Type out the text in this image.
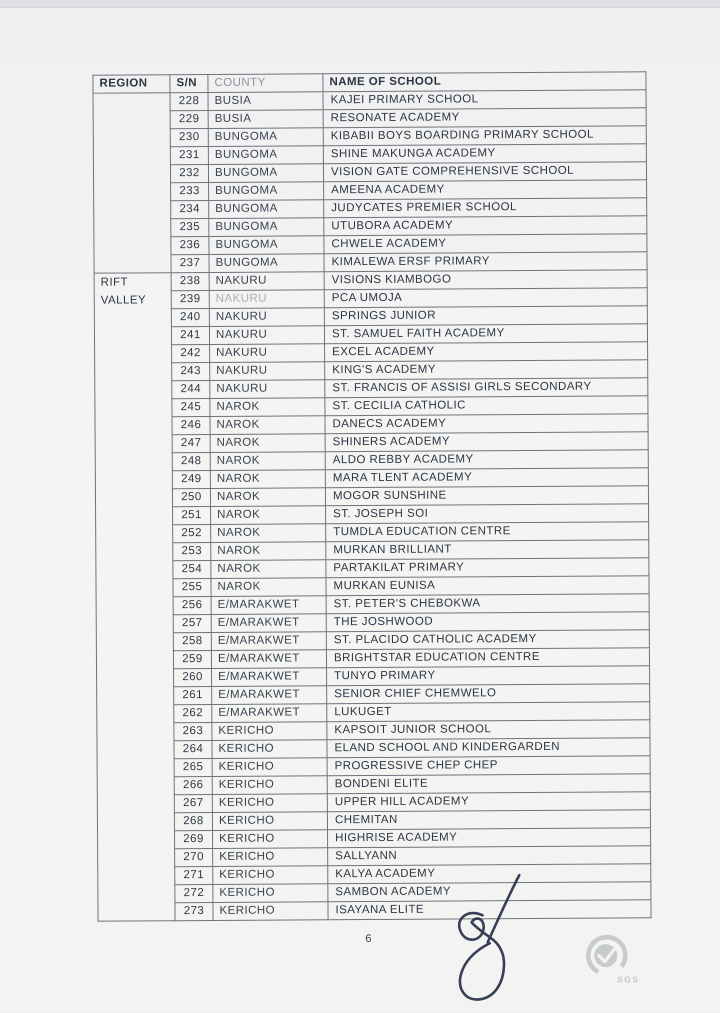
REGION	S/N	COUNTY	NAME OF SCHOOL
	228	BUSIA	KAJEI PRIMARY SCHOOL
	229	BUSIA	RESONATE ACADEMY
	230	BUNGOMA	KIBABII BOYS BOARDING PRIMARY SCHOOL
	231	BUNGOMA	SHINE MAKUNGA ACADEMY
	232	BUNGOMA	VISION GATE COMPREHENSIVE SCHOOL
	233	BUNGOMA	AMEENA ACADEMY
	234	BUNGOMA	JUDYCATES PREMIER SCHOOL
	235	BUNGOMA	UTUBORA ACADEMY
	236	BUNGOMA	CHWELE ACADEMY
	237	BUNGOMA	KIMALEWA ERSF PRIMARY
RIFT VALLEY	238	NAKURU	VISIONS KIAMBOGO
	239	NAKURU	PCA UMOJA
	240	NAKURU	SPRINGS JUNIOR
	241	NAKURU	ST. SAMUEL FAITH ACADEMY
	242	NAKURU	EXCEL ACADEMY
	243	NAKURU	KING'S ACADEMY
	244	NAKURU	ST. FRANCIS OF ASSISI GIRLS SECONDARY
	245	NAROK	ST. CECILIA CATHOLIC
	246	NAROK	DANECS ACADEMY
	247	NAROK	SHINERS ACADEMY
	248	NAROK	ALDO REBBY ACADEMY
	249	NAROK	MARA TLENT ACADEMY
	250	NAROK	MOGOR SUNSHINE
	251	NAROK	ST. JOSEPH SOI
	252	NAROK	TUMDLA EDUCATION CENTRE
	253	NAROK	MURKAN BRILLIANT
	254	NAROK	PARTAKILAT PRIMARY
	255	NAROK	MURKAN EUNISA
	256	E/MARAKWET	ST. PETER'S CHEBOKWA
	257	E/MARAKWET	THE JOSHWOOD
	258	E/MARAKWET	ST. PLACIDO CATHOLIC ACADEMY
	259	E/MARAKWET	BRIGHTSTAR EDUCATION CENTRE
	260	E/MARAKWET	TUNYO PRIMARY
	261	E/MARAKWET	SENIOR CHIEF CHEMWELO
	262	E/MARAKWET	LUKUGET
	263	KERICHO	KAPSOIT JUNIOR SCHOOL
	264	KERICHO	ELAND SCHOOL AND KINDERGARDEN
	265	KERICHO	PROGRESSIVE CHEP CHEP
	266	KERICHO	BONDENI ELITE
	267	KERICHO	UPPER HILL ACADEMY
	268	KERICHO	CHEMITAN
	269	KERICHO	HIGHRISE ACADEMY
	270	KERICHO	SALLYANN
	271	KERICHO	KALYA ACADEMY
	272	KERICHO	SAMBON ACADEMY
	273	KERICHO	ISAYANA ELITE
6
SGS
